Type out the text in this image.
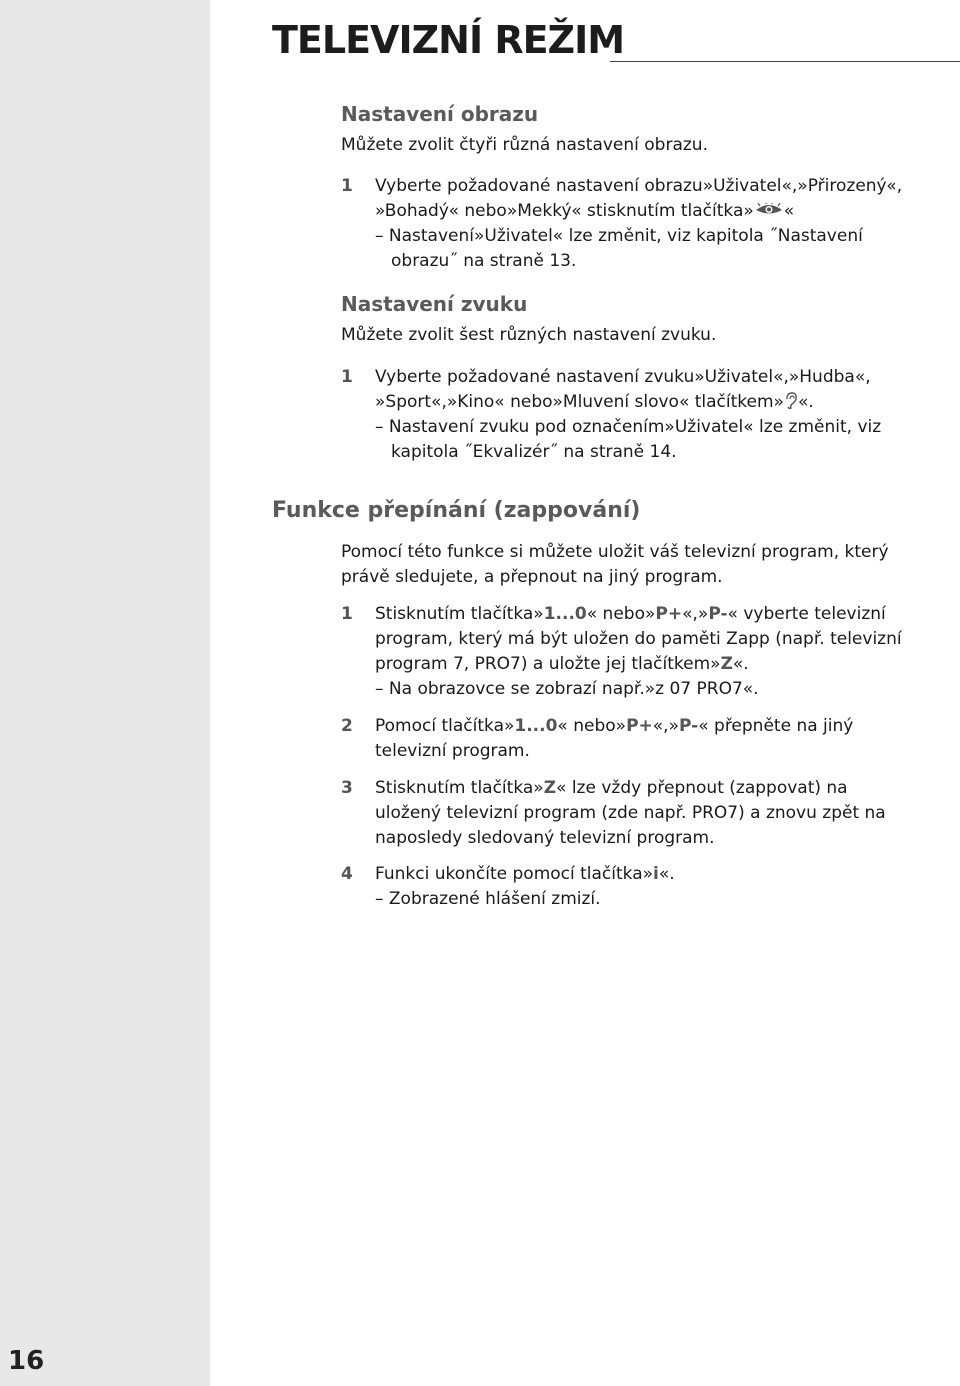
16
TELEVIZNÍ REŽIM
Nastavení obrazu

Můžete zvolit čtyři různá nastavení obrazu.

1	Vyberte požadované nastavení obrazu»Uživatel«,»Přirozený«,
»Bohadý« nebo»Mekký« stisknutím tlačítka» «
– Nastavení»Uživatel« lze změnit, viz kapitola ˝Nastavení
obrazu˝ na straně 13.
Nastavení zvuku

Můžete zvolit šest různých nastavení zvuku.

1	Vyberte požadované nastavení zvuku»Uživatel«,»Hudba«,
»Sport«,»Kino« nebo»Mluvení slovo« tlačítkem» «.
– Nastavení zvuku pod označením»Uživatel« lze změnit, viz
kapitola ˝Ekvalizér˝ na straně 14.
Funkce přepínání (zappování)
Pomocí této funkce si můžete uložit váš televizní program, který
právě sledujete, a přepnout na jiný program.
1	Stisknutím tlačítka»1...0« nebo»P+«,»P-« vyberte televizní
program, který má být uložen do paměti Zapp (např. televizní
program 7, PRO7) a uložte jej tlačítkem»Z«.
– Na obrazovce se zobrazí např.»z 07 PRO7«.
2	Pomocí tlačítka»1...0« nebo»P+«,»P-« přepněte na jiný
televizní program.
3	Stisknutím tlačítka»Z« lze vždy přepnout (zappovat) na
uložený televizní program (zde např. PRO7) a znovu zpět na
naposledy sledovaný televizní program.
4	Funkci ukončíte pomocí tlačítka»i«.
– Zobrazené hlášení zmizí.
